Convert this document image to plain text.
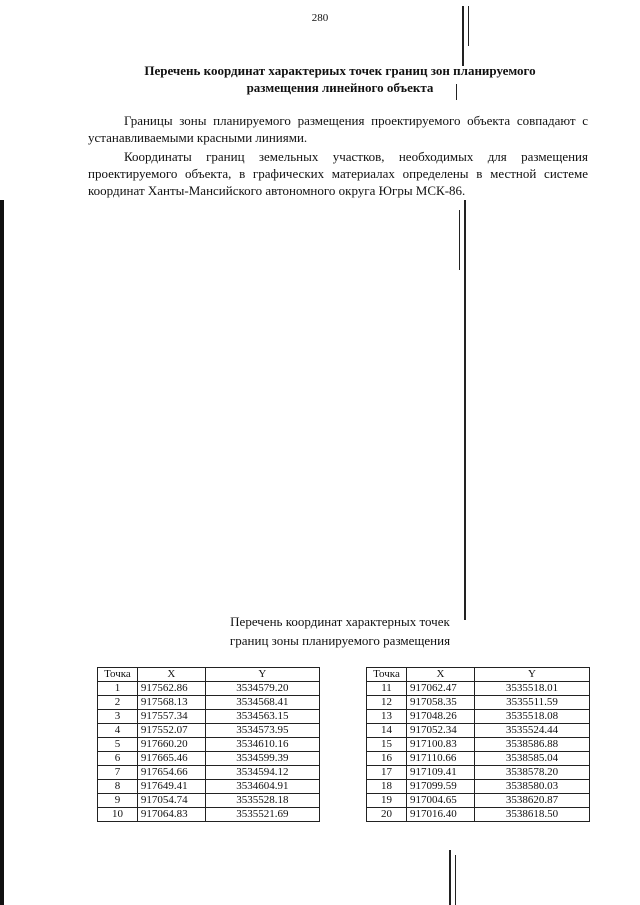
280
Перечень координат характериых точек границ зон планируемого
размещения линейного объекта
Границы зоны планируемого размещения проектируемого объекта совпадают с устанавливаемыми красными линиями.
Координаты границ земельных участков, необходимых для размещения проектируемого объекта, в графических материалах определены в местной системе координат Ханты-Мансийского автономного округа Югры МСК-86.
Перечень координат характерных точек
границ зоны планируемого размещения
Точка	X	Y
1	917562.86	3534579.20
2	917568.13	3534568.41
3	917557.34	3534563.15
4	917552.07	3534573.95
5	917660.20	3534610.16
6	917665.46	3534599.39
7	917654.66	3534594.12
8	917649.41	3534604.91
9	917054.74	3535528.18
10	917064.83	3535521.69
Точка	X	Y
11	917062.47	3535518.01
12	917058.35	3535511.59
13	917048.26	3535518.08
14	917052.34	3535524.44
15	917100.83	3538586.88
16	917110.66	3538585.04
17	917109.41	3538578.20
18	917099.59	3538580.03
19	917004.65	3538620.87
20	917016.40	3538618.50
